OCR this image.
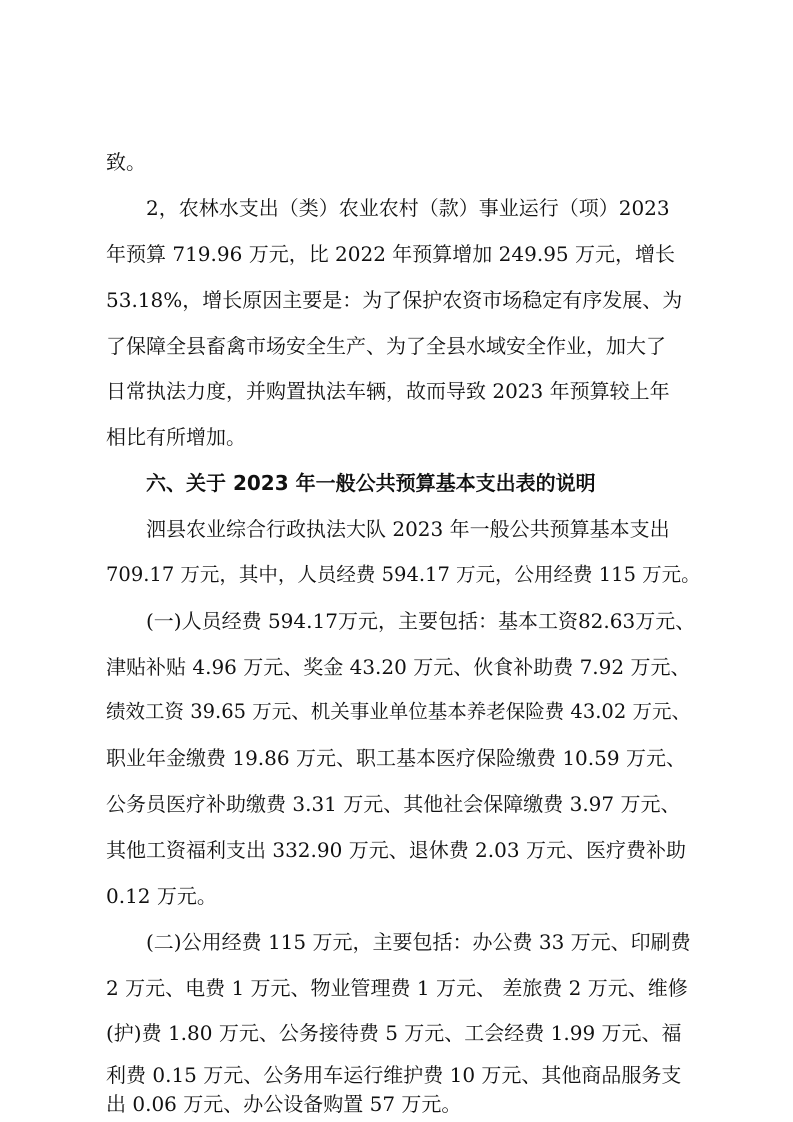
致。
2，农林水支出（类）农业农村（款）事业运行（项）2023
年预算 719.96 万元，比 2022 年预算增加 249.95 万元，增长
53.18%，增长原因主要是：为了保护农资市场稳定有序发展、为
了保障全县畜禽市场安全生产、为了全县水域安全作业，加大了
日常执法力度，并购置执法车辆，故而导致 2023 年预算较上年
相比有所增加。
六、关于 2023 年一般公共预算基本支出表的说明
泗县农业综合行政执法大队 2023 年一般公共预算基本支出
709.17 万元，其中，人员经费 594.17 万元，公用经费 115 万元。
(一)人员经费 594.17万元，主要包括：基本工资82.63万元、
津贴补贴 4.96 万元、奖金 43.20 万元、伙食补助费 7.92 万元、
绩效工资 39.65 万元、机关事业单位基本养老保险费 43.02 万元、
职业年金缴费 19.86 万元、职工基本医疗保险缴费 10.59 万元、
公务员医疗补助缴费 3.31 万元、其他社会保障缴费 3.97 万元、
其他工资福利支出 332.90 万元、退休费 2.03 万元、医疗费补助
0.12 万元。
(二)公用经费 115 万元，主要包括：办公费 33 万元、印刷费
2 万元、电费 1 万元、物业管理费 1 万元、 差旅费 2 万元、维修
(护)费 1.80 万元、公务接待费 5 万元、工会经费 1.99 万元、福
利费 0.15 万元、公务用车运行维护费 10 万元、其他商品服务支
出 0.06 万元、办公设备购置 57 万元。
